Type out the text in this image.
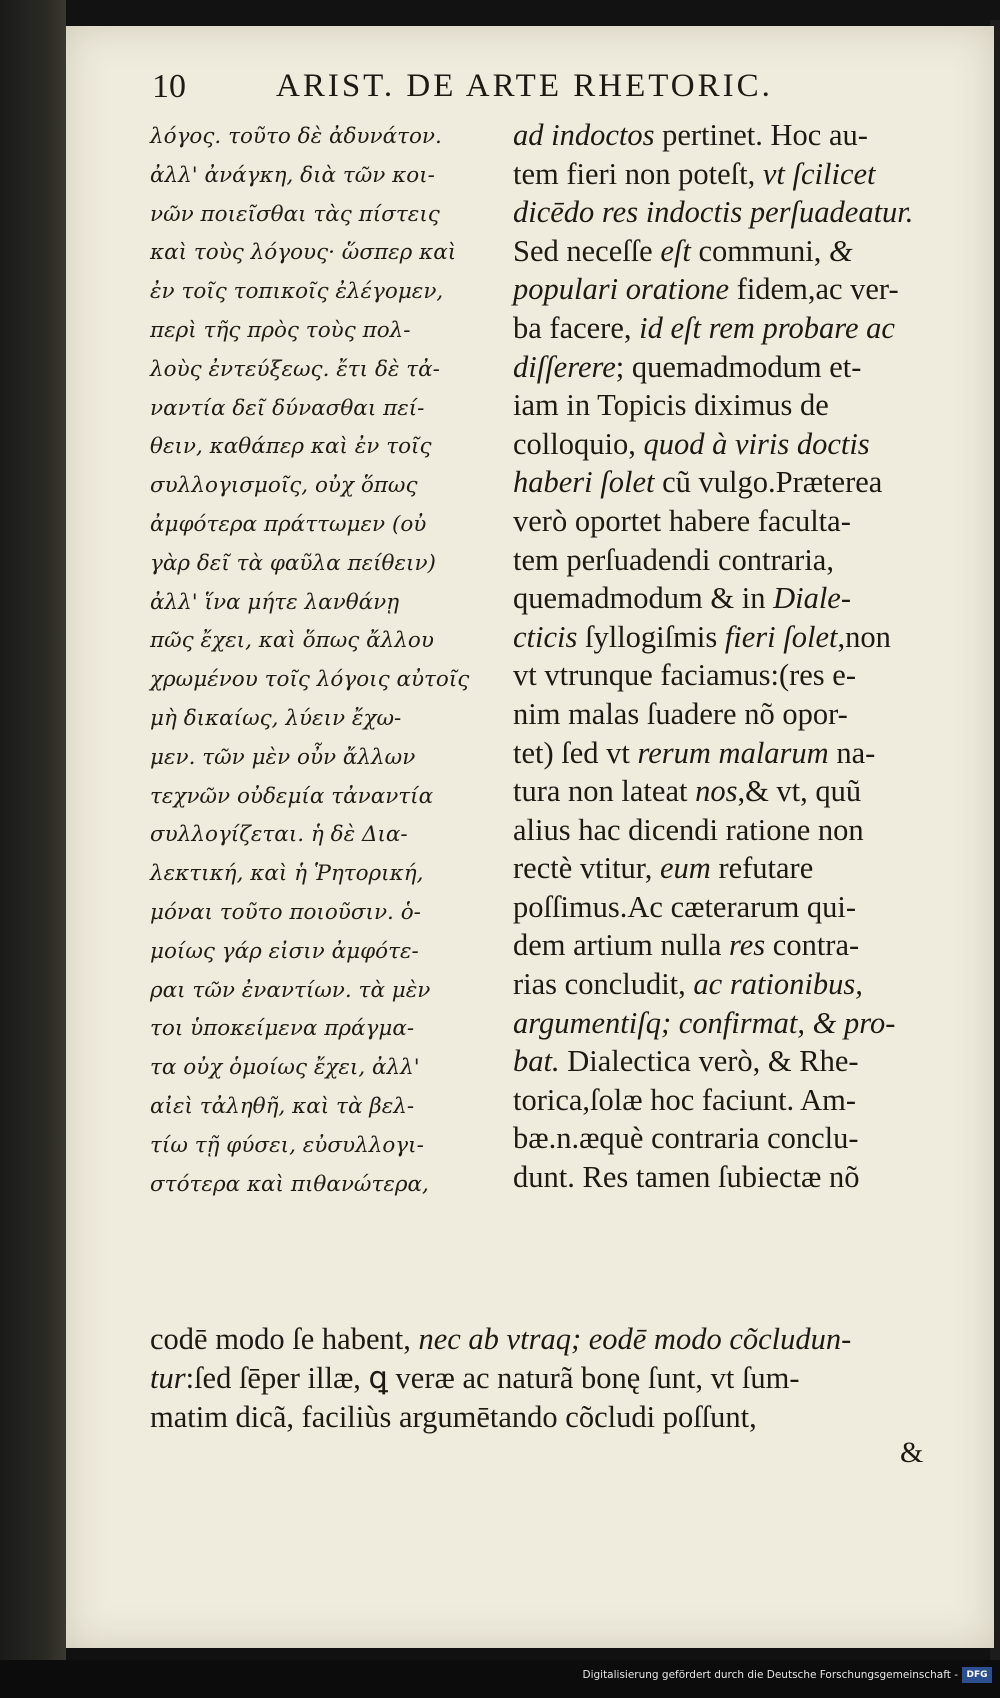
10	ARIST. DE ARTE RHETORIC.
λόγος. τοῦτο δὲ ἀδυνάτον.
ἀλλ' ἀνάγκη, διὰ τῶν κοι-
νῶν ποιεῖσθαι τὰς πίστεις
καὶ τοὺς λόγους· ὥσπερ καὶ
ἐν τοῖς τοπικοῖς ἐλέγομεν,
περὶ τῆς πρὸς τοὺς πολ-
λοὺς ἐντεύξεως. ἔτι δὲ τἀ-
ναντία δεῖ δύνασθαι πεί-
θειν, καθάπερ καὶ ἐν τοῖς
συλλογισμοῖς, οὐχ ὅπως
ἀμφότερα πράττωμεν (οὐ
γὰρ δεῖ τὰ φαῦλα πείθειν)
ἀλλ' ἵνα μήτε λανθάνῃ
πῶς ἔχει, καὶ ὅπως ἄλλου
χρωμένου τοῖς λόγοις αὐτοῖς
μὴ δικαίως, λύειν ἔχω-
μεν. τῶν μὲν οὖν ἄλλων
τεχνῶν οὐδεμία τἀναντία
συλλογίζεται. ἡ δὲ Δια-
λεκτική, καὶ ἡ Ῥητορική,
μόναι τοῦτο ποιοῦσιν. ὁ-
μοίως γάρ εἰσιν ἀμφότε-
ραι τῶν ἐναντίων. τὰ μὲν
τοι ὑποκείμενα πράγμα-
τα οὐχ ὁμοίως ἔχει, ἀλλ'
αἰεὶ τἀληθῆ, καὶ τὰ βελ-
τίω τῇ φύσει, εὐσυλλογι-
στότερα καὶ πιθανώτερα,
ad indoctos pertinet. Hoc au-
tem fieri non poteſt, vt ſcilicet
dicēdo res indoctis perſuadeatur.
Sed neceſſe eſt communi, &
populari oratione fidem,ac ver-
ba facere, id eſt rem probare ac
diſſerere; quemadmodum et-
iam in Topicis diximus de
colloquio, quod à viris doctis
haberi ſolet cũ vulgo.Præterea
verò oportet habere faculta-
tem perſuadendi contraria,
quemadmodum & in Diale-
cticis ſyllogiſmis fieri ſolet,non
vt vtrunque faciamus:(res e-
nim malas ſuadere nõ opor-
tet) ſed vt rerum malarum na-
tura non lateat nos,& vt, quũ
alius hac dicendi ratione non
rectè vtitur, eum refutare
poſſimus.Ac cæterarum qui-
dem artium nulla res contra-
rias concludit, ac rationibus,
argumentiſq; confirmat, & pro-
bat. Dialectica verò, & Rhe-
torica,ſolæ hoc faciunt. Am-
bæ.n.æquè contraria conclu-
dunt. Res tamen ſubiectæ nõ
codē modo ſe habent, nec ab vtraq; eodē modo cõcludun-
tur:ſed ſēper illæ, ꝗ veræ ac naturã bonę ſunt, vt ſum-
matim dicã, faciliùs argumētando cõcludi poſſunt,
&
Digitalisierung gefördert durch die Deutsche Forschungsgemeinschaft - DFG
